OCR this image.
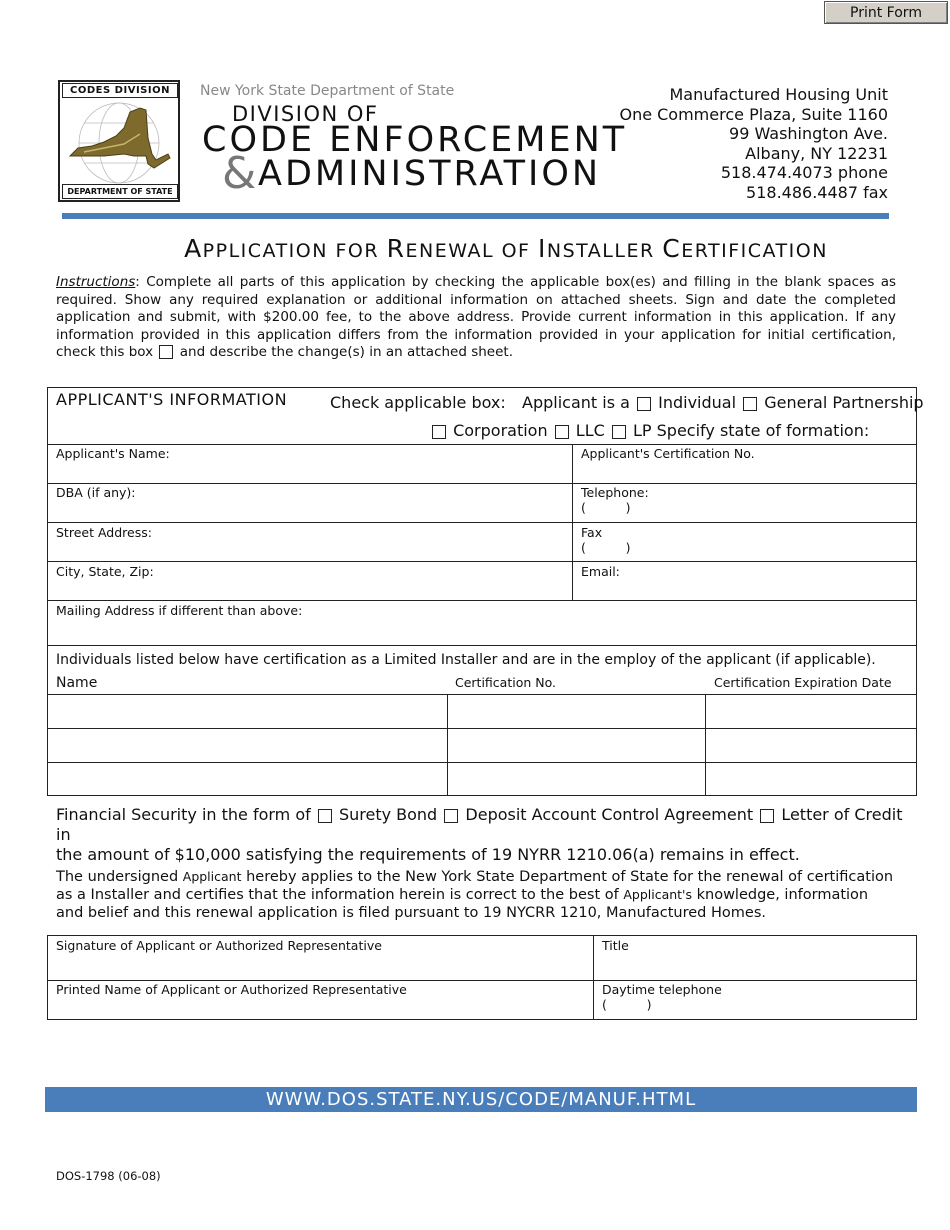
Print Form
CODES DIVISION
DEPARTMENT OF STATE
New York State Department of State
DIVISION OF
CODE ENFORCEMENT
& ADMINISTRATION
Manufactured Housing Unit
One Commerce Plaza, Suite 1160
99 Washington Ave.
Albany, NY 12231
518.474.4073 phone
518.486.4487 fax
APPLICATION FOR RENEWAL OF INSTALLER CERTIFICATION
Instructions: Complete all parts of this application by checking the applicable box(es) and filling in the blank spaces as required. Show any required explanation or additional information on attached sheets. Sign and date the completed application and submit, with $200.00 fee, to the above address. Provide current information in this application. If any information provided in this application differs from the information provided in your application for initial certification, check this box and describe the change(s) in an attached sheet.
APPLICANT'S INFORMATION	Check applicable box: Applicant is a Individual General Partnership
Corporation LLC LP Specify state of formation:
Applicant's Name:	Applicant's Certification No.
DBA (if any):	Telephone:
(          )
Street Address:	Fax
(          )
City, State, Zip:	Email:
Mailing Address if different than above:
Individuals listed below have certification as a Limited Installer and are in the employ of the applicant (if applicable).
Name	Certification No.	Certification Expiration Date
Financial Security in the form of Surety Bond Deposit Account Control Agreement Letter of Credit in
the amount of $10,000 satisfying the requirements of 19 NYRR 1210.06(a) remains in effect.
The undersigned Applicant hereby applies to the New York State Department of State for the renewal of certification as a Installer and certifies that the information herein is correct to the best of Applicant's knowledge, information and belief and this renewal application is filed pursuant to 19 NYCRR 1210, Manufactured Homes.
Signature of Applicant or Authorized Representative	Title
Printed Name of Applicant or Authorized Representative	Daytime telephone
(          )
WWW.DOS.STATE.NY.US/CODE/MANUF.HTML
DOS-1798 (06-08)
